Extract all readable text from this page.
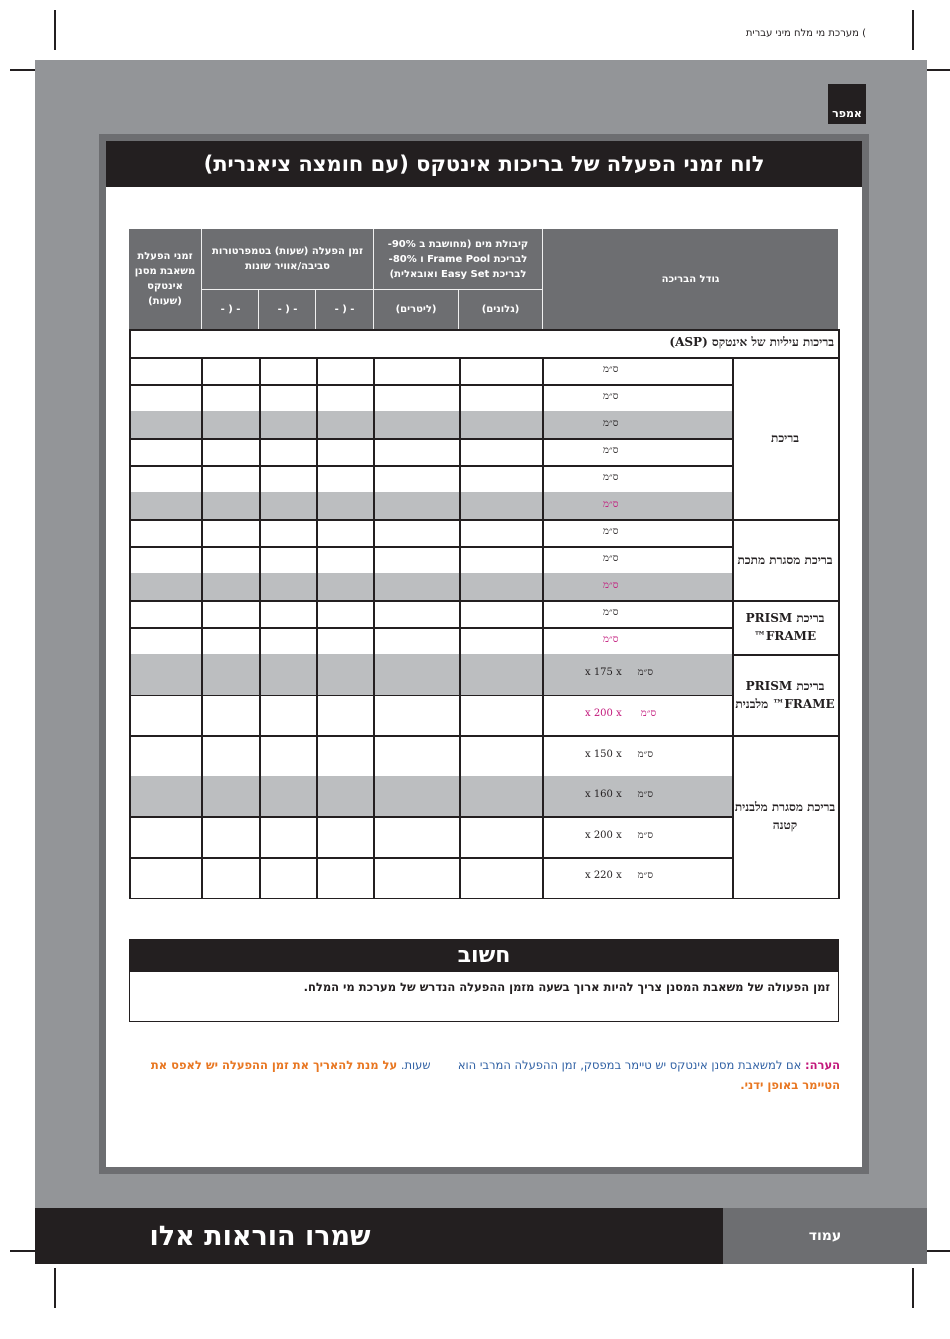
) מערכת מי מלח מיני עברית
אמפר
לוח זמני הפעלה של בריכות אינטקס (עם חומצה ציאנרית)
גודל הבריכה
קיבולת מים (מחושבת ב 90%- לבריכת Frame Pool ו 80%- לבריכת Easy Set ואובאלית)
(גלונים)
(ליטרים)
זמן הפעלה (שעות) בטמפרטורות סביבה/אוויר שונות
- ( -
- ( -
- ( -
זמני הפעלת משאבת מסנן אינטקס (שעות)
בריכות עיליות של אינטקס (ASP)
ס״מ
ס״מ
ס״מ
ס״מ
ס״מ
ס״מ
בריכת
ס״מ
ס״מ
ס״מ
בריכת מסגרת מתכת
ס״מ
ס״מ
בריכת PRISM FRAME™
x 175 x     ס״מ
x 200 x      ס״מ
בריכת PRISM FRAME™ מלבנית
x 150 x     ס״מ
x 160 x     ס״מ
x 200 x     ס״מ
x 220 x     ס״מ
בריכת מסגרת מלבנית קטנה
חשוב
זמן הפעולה של משאבת המסנן צריך להיות ארוך בשעה מזמן ההפעלה הנדרש של מערכת מי המלח.
הערה: אם למשאבת מסנן אינטקס יש טיימר במפסק, זמן ההפעלה המרבי הוא  שעות. על מנת להאריך את זמן ההפעלה יש לאפס את הטיימר באופן ידני.
עמוד
שמרו הוראות אלו
